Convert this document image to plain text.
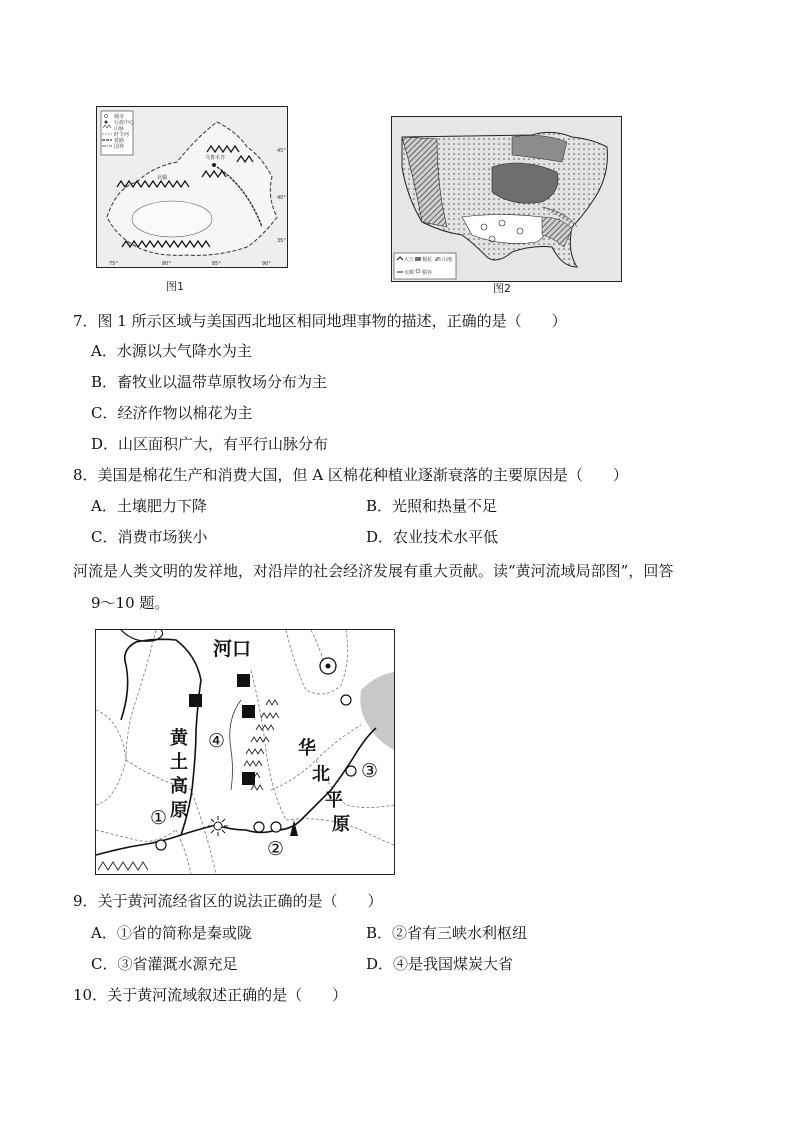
城市
行政中心
山脉
时令河
铁路
国界
乌鲁木齐
北疆
45°
40°
35°
75°	80°	85°	90°
图1
大豆 棉花 山地
水稻 稻谷
图2
7．图 1 所示区域与美国西北地区相同地理事物的描述，正确的是（　　）
A．水源以大气降水为主
B．畜牧业以温带草原牧场分布为主
C．经济作物以棉花为主
D．山区面积广大，有平行山脉分布
8．美国是棉花生产和消费大国，但 A 区棉花种植业逐渐衰落的主要原因是（　　）
A．土壤肥力下降	B．光照和热量不足
C．消费市场狭小	D．农业技术水平低
河流是人类文明的发祥地，对沿岸的社会经济发展有重大贡献。读“黄河流域局部图”，回答
9～10 题。
河口
黄
土
高
原
华
北
平
原
①
②
③
④
9．关于黄河流经省区的说法正确的是（　　）
A．①省的简称是秦或陇	B．②省有三峡水利枢纽
C．③省灌溉水源充足	D．④是我国煤炭大省
10．关于黄河流域叙述正确的是（　　）
